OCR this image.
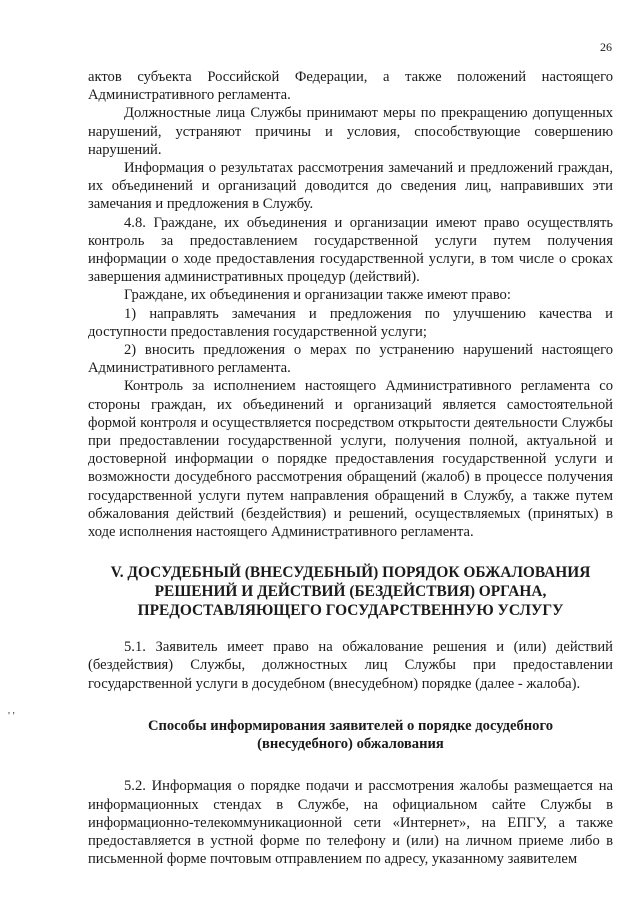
26
' '

актов субъекта Российской Федерации, а также положений настоящего Административного регламента.

Должностные лица Службы принимают меры по прекращению допущенных нарушений, устраняют причины и условия, способствующие совершению нарушений.

Информация о результатах рассмотрения замечаний и предложений граждан, их объединений и организаций доводится до сведения лиц, направивших эти замечания и предложения в Службу.

4.8. Граждане, их объединения и организации имеют право осуществлять контроль за предоставлением государственной услуги путем получения информации о ходе предоставления государственной услуги, в том числе о сроках завершения административных процедур (действий).

Граждане, их объединения и организации также имеют право:

1) направлять замечания и предложения по улучшению качества и доступности предоставления государственной услуги;

2) вносить предложения о мерах по устранению нарушений настоящего Административного регламента.

Контроль за исполнением настоящего Административного регламента со стороны граждан, их объединений и организаций является самостоятельной формой контроля и осуществляется посредством открытости деятельности Службы при предоставлении государственной услуги, получения полной, актуальной и достоверной информации о порядке предоставления государственной услуги и возможности досудебного рассмотрения обращений (жалоб) в процессе получения государственной услуги путем направления обращений в Службу, а также путем обжалования действий (бездействия) и решений, осуществляемых (принятых) в ходе исполнения настоящего Административного регламента.

V. ДОСУДЕБНЫЙ (ВНЕСУДЕБНЫЙ) ПОРЯДОК ОБЖАЛОВАНИЯ
РЕШЕНИЙ И ДЕЙСТВИЙ (БЕЗДЕЙСТВИЯ) ОРГАНА,
ПРЕДОСТАВЛЯЮЩЕГО ГОСУДАРСТВЕННУЮ УСЛУГУ

5.1. Заявитель имеет право на обжалование решения и (или) действий (бездействия) Службы, должностных лиц Службы при предоставлении государственной услуги в досудебном (внесудебном) порядке (далее - жалоба).

Способы информирования заявителей о порядке досудебного
(внесудебного) обжалования

5.2. Информация о порядке подачи и рассмотрения жалобы размещается на информационных стендах в Службе, на официальном сайте Службы в информационно-телекоммуникационной сети «Интернет», на ЕПГУ, а также предоставляется в устной форме по телефону и (или) на личном приеме либо в письменной форме почтовым отправлением по адресу, указанному заявителем
